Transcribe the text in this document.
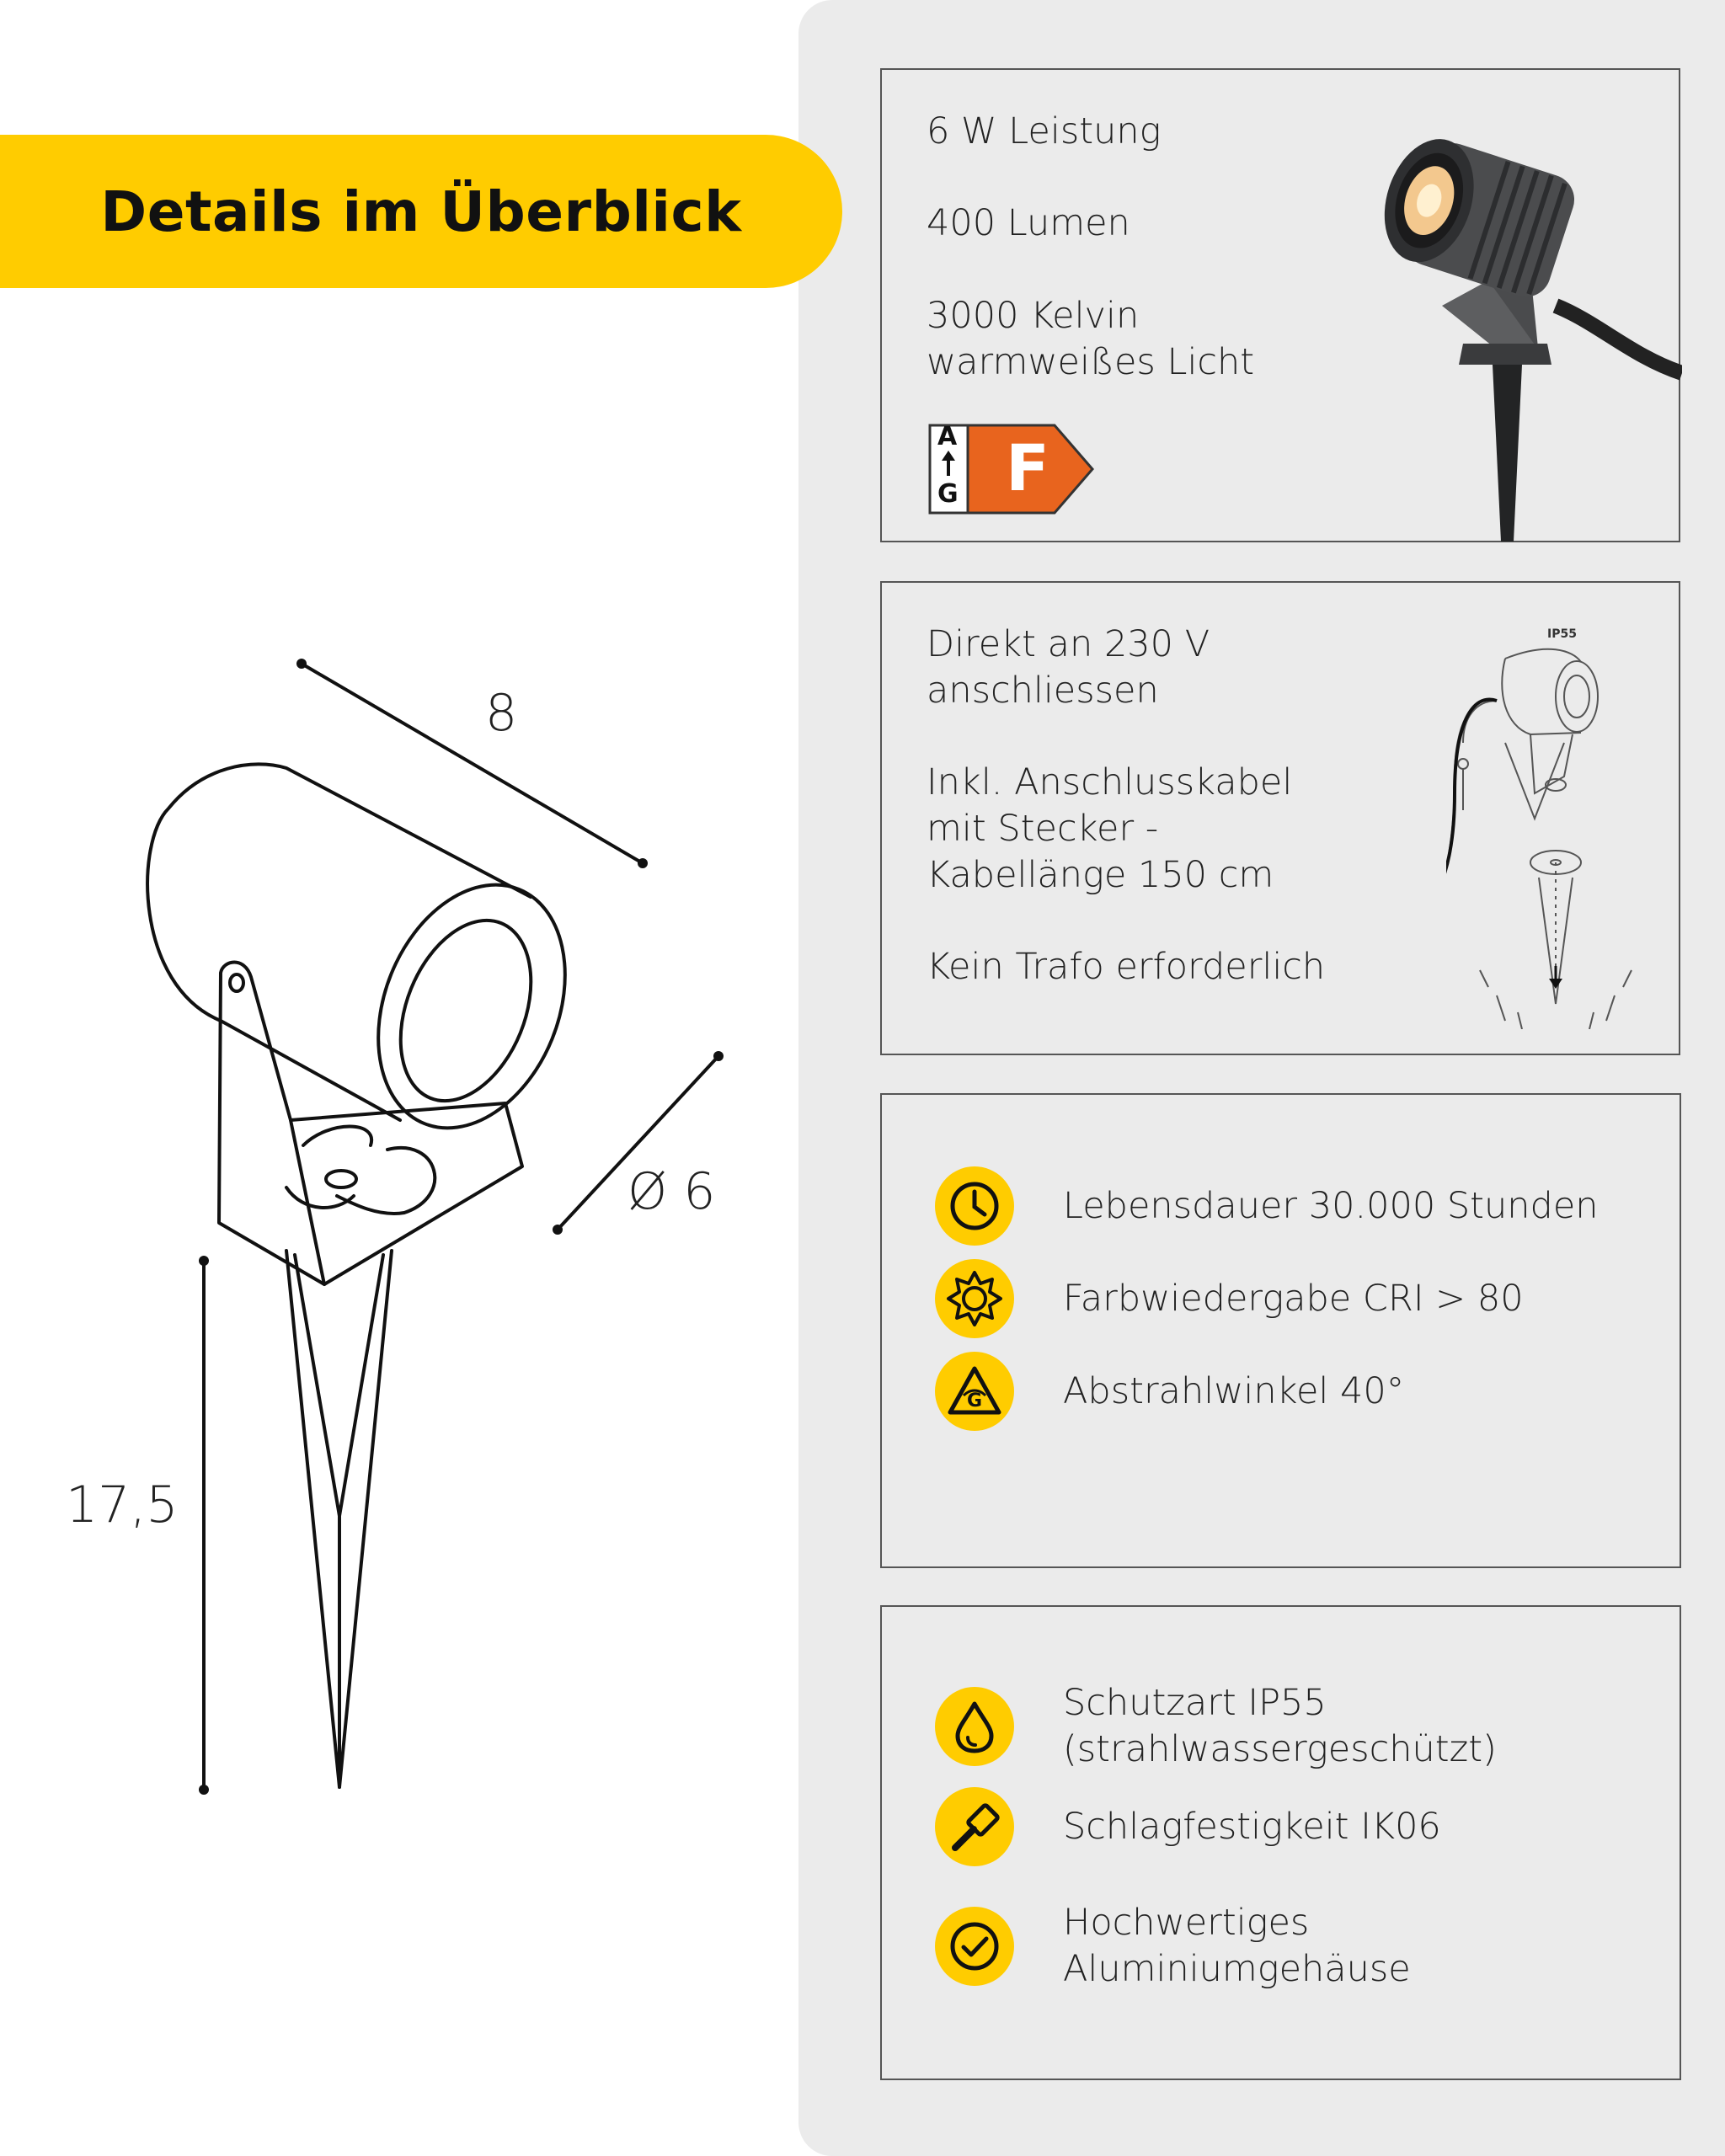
Details im Überblick
8
Ø 6
17,5
6 W Leistung
400 Lumen
3000 Kelvin
warmweißes Licht
A
G F
Direkt an 230 V
anschliessen
Inkl. Anschlusskabel
mit Stecker -
Kabellänge 150 cm
Kein Trafo erforderlich
IP55
Lebensdauer 30.000 Stunden
Farbwiedergabe CRI > 80
G Abstrahlwinkel 40°
Schutzart IP55
(strahlwassergeschützt)
Schlagfestigkeit IK06
Hochwertiges
Aluminiumgehäuse
